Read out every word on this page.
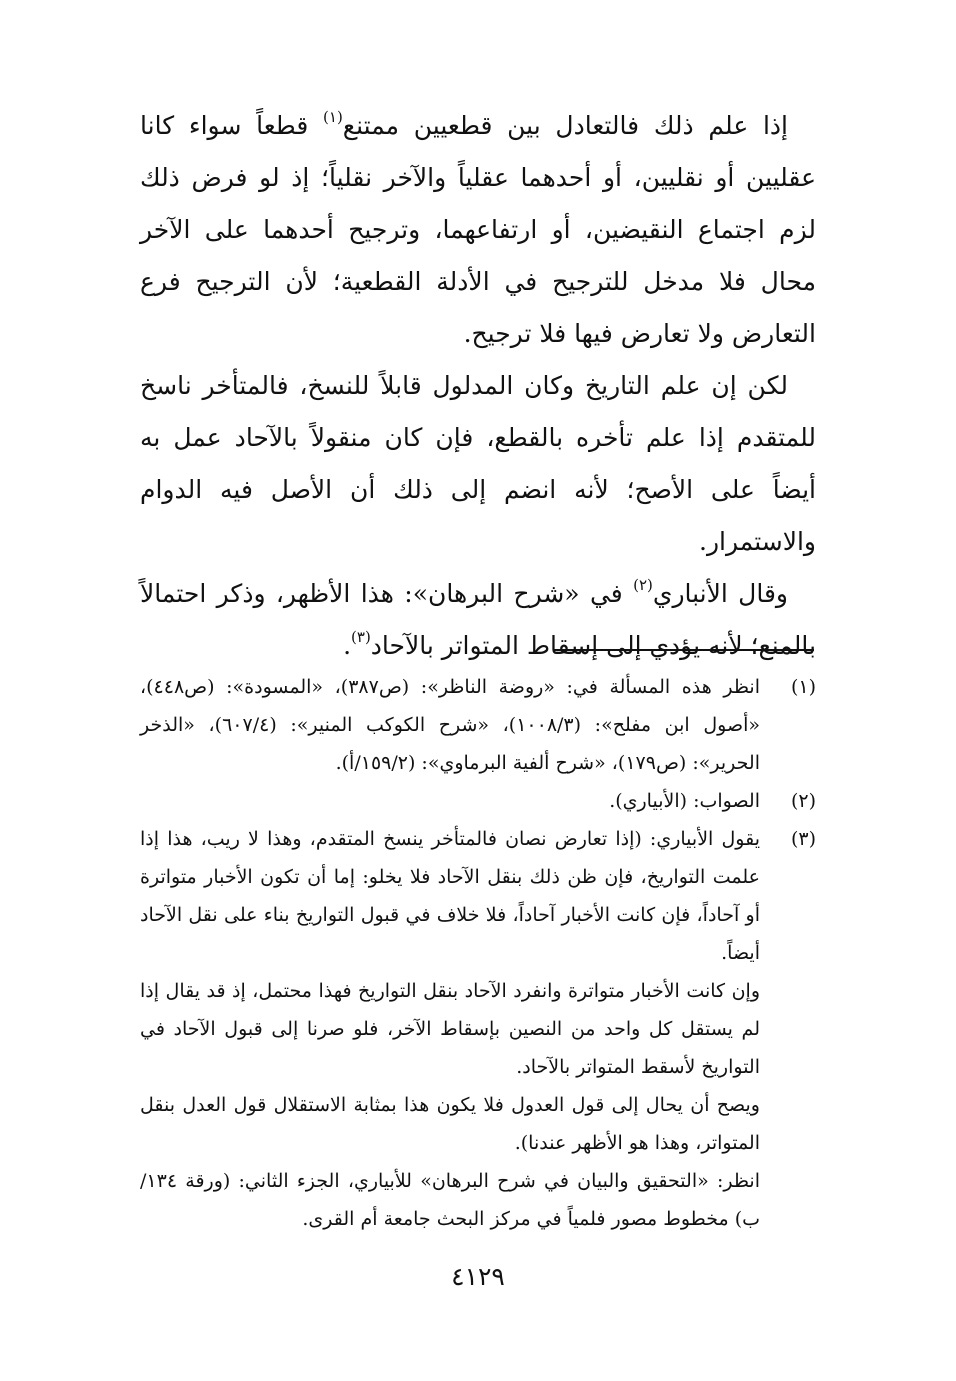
إذا علم ذلك فالتعادل بين قطعيين ممتنع$^{(١)}$ قطعاً سواء كانا عقليين أو نقليين، أو أحدهما عقلياً والآخر نقلياً؛ إذ لو فرض ذلك لزم اجتماع النقيضين، أو ارتفاعهما، وترجيح أحدهما على الآخر محال فلا مدخل للترجيح في الأدلة القطعية؛ لأن الترجيح فرع التعارض ولا تعارض فيها فلا ترجيح.

لكن إن علم التاريخ وكان المدلول قابلاً للنسخ، فالمتأخر ناسخ للمتقدم إذا علم تأخره بالقطع، فإن كان منقولاً بالآحاد عمل به أيضاً على الأصح؛ لأنه انضم إلى ذلك أن الأصل فيه الدوام والاستمرار.

وقال الأنباري$^{(٢)}$ في «شرح البرهان»: هذا الأظهر، وذكر احتمالاً بالمنع؛ لأنه يؤدي إلى إسقاط المتواتر بالآحاد$^{(٣)}$.

(١)

انظر هذه المسألة في: «روضة الناظر»: (ص٣٨٧)، «المسودة»: (ص٤٤٨)، «أصول ابن مفلح»: (١٠٠٨/٣)، «شرح الكوكب المنير»: (٦٠٧/٤)، «الذخر الحرير»: (ص١٧٩)، «شرح ألفية البرماوي»: (١٥٩/٢/أ).

(٢)

الصواب: (الأبياري).

(٣)

يقول الأبياري: (إذا تعارض نصان فالمتأخر ينسخ المتقدم، وهذا لا ريب، هذا إذا علمت التواريخ، فإن ظن ذلك بنقل الآحاد فلا يخلو: إما أن تكون الأخبار متواترة أو آحاداً، فإن كانت الأخبار آحاداً، فلا خلاف في قبول التواريخ بناء على نقل الآحاد أيضاً.

وإن كانت الأخبار متواترة وانفرد الآحاد بنقل التواريخ فهذا محتمل، إذ قد يقال إذا لم يستقل كل واحد من النصين بإسقاط الآخر، فلو صرنا إلى قبول الآحاد في التواريخ لأسقط المتواتر بالآحاد.

ويصح أن يحال إلى قول العدول فلا يكون هذا بمثابة الاستقلال قول العدل بنقل المتواتر، وهذا هو الأظهر عندنا).

انظر: «التحقيق والبيان في شرح البرهان» للأبياري، الجزء الثاني: (ورقة ١٣٤/ب) مخطوط مصور فلمياً في مركز البحث جامعة أم القرى.

٤١٢٩
